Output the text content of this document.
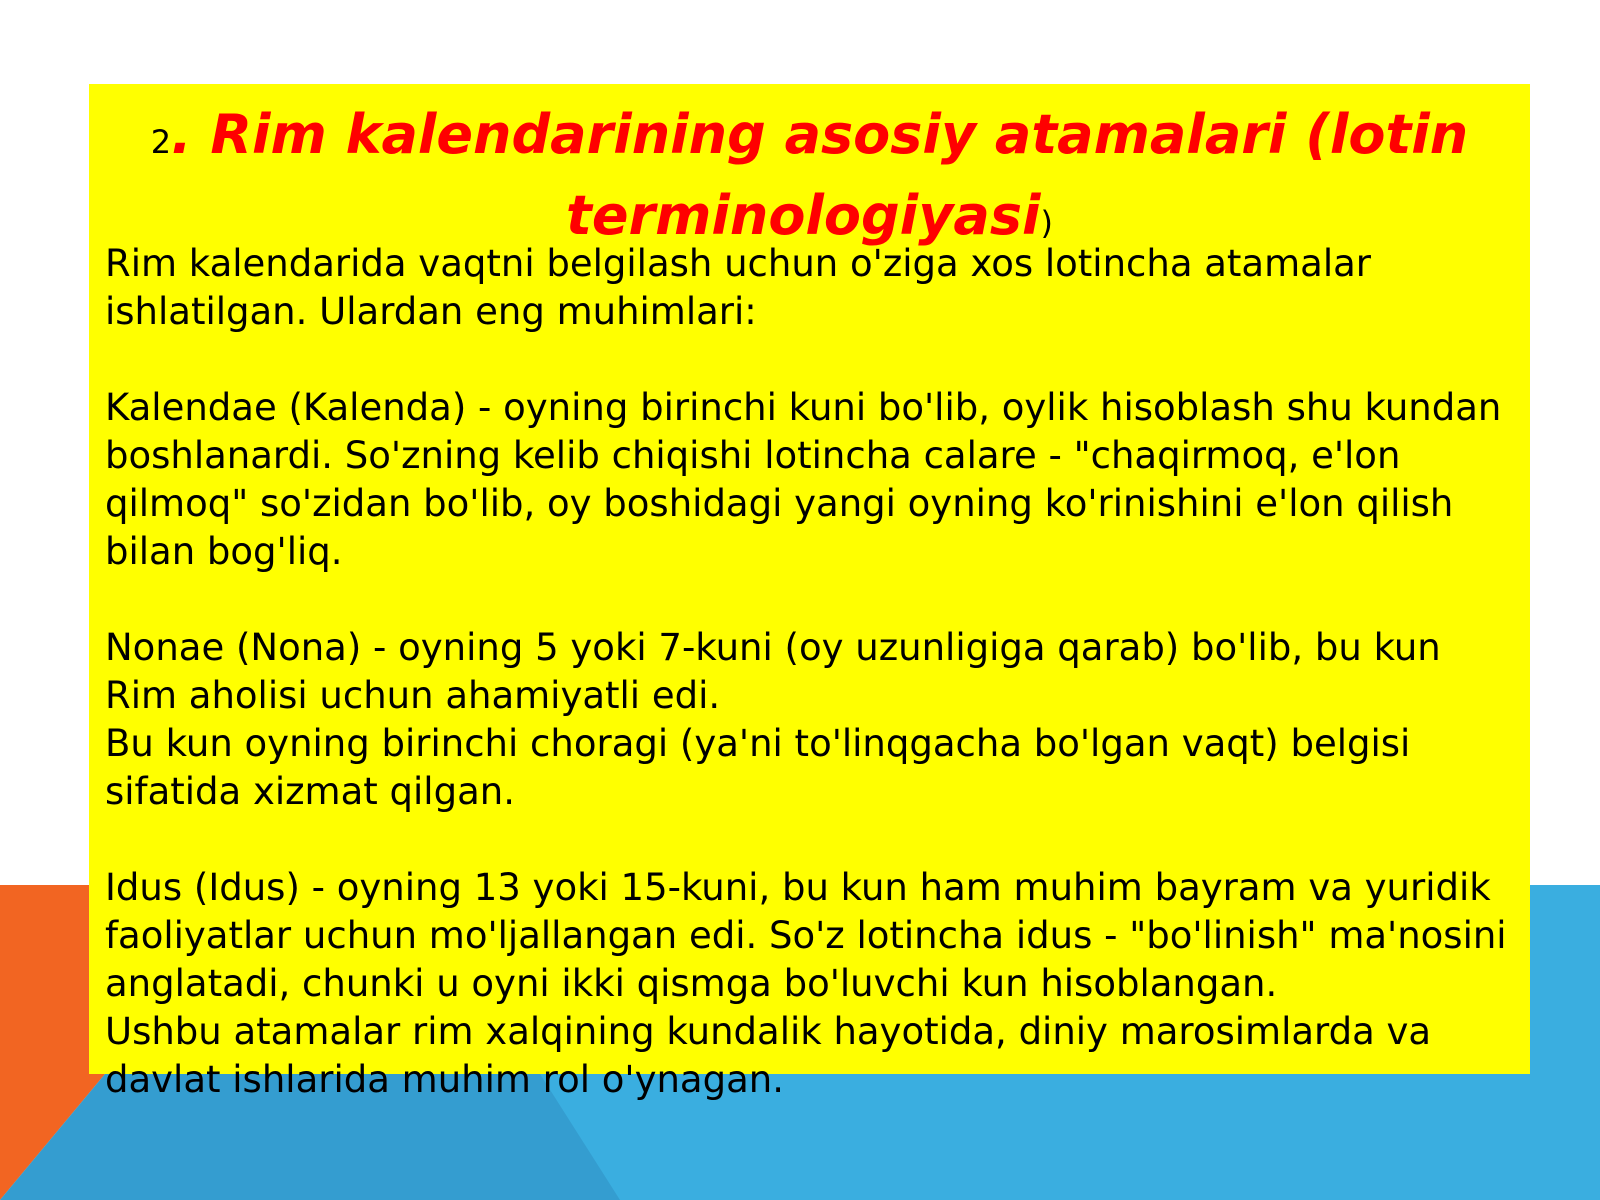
2. Rim kalendarining asosiy atamalari (lotin terminologiyasi)
Rim kalendarida vaqtni belgilash uchun o'ziga xos lotincha atamalar
ishlatilgan. Ulardan eng muhimlari:
Kalendae (Kalenda) - oyning birinchi kuni bo'lib, oylik hisoblash shu kundan
boshlanardi. So'zning kelib chiqishi lotincha calare - "chaqirmoq, e'lon
qilmoq" so'zidan bo'lib, oy boshidagi yangi oyning ko'rinishini e'lon qilish
bilan bog'liq.
Nonae (Nona) - oyning 5 yoki 7-kuni (oy uzunligiga qarab) bo'lib, bu kun
Rim aholisi uchun ahamiyatli edi.
Bu kun oyning birinchi choragi (ya'ni to'linqgacha bo'lgan vaqt) belgisi
sifatida xizmat qilgan.
Idus (Idus) - oyning 13 yoki 15-kuni, bu kun ham muhim bayram va yuridik
faoliyatlar uchun mo'ljallangan edi. So'z lotincha idus - "bo'linish" ma'nosini
anglatadi, chunki u oyni ikki qismga bo'luvchi kun hisoblangan.
Ushbu atamalar rim xalqining kundalik hayotida, diniy marosimlarda va
davlat ishlarida muhim rol o'ynagan.
